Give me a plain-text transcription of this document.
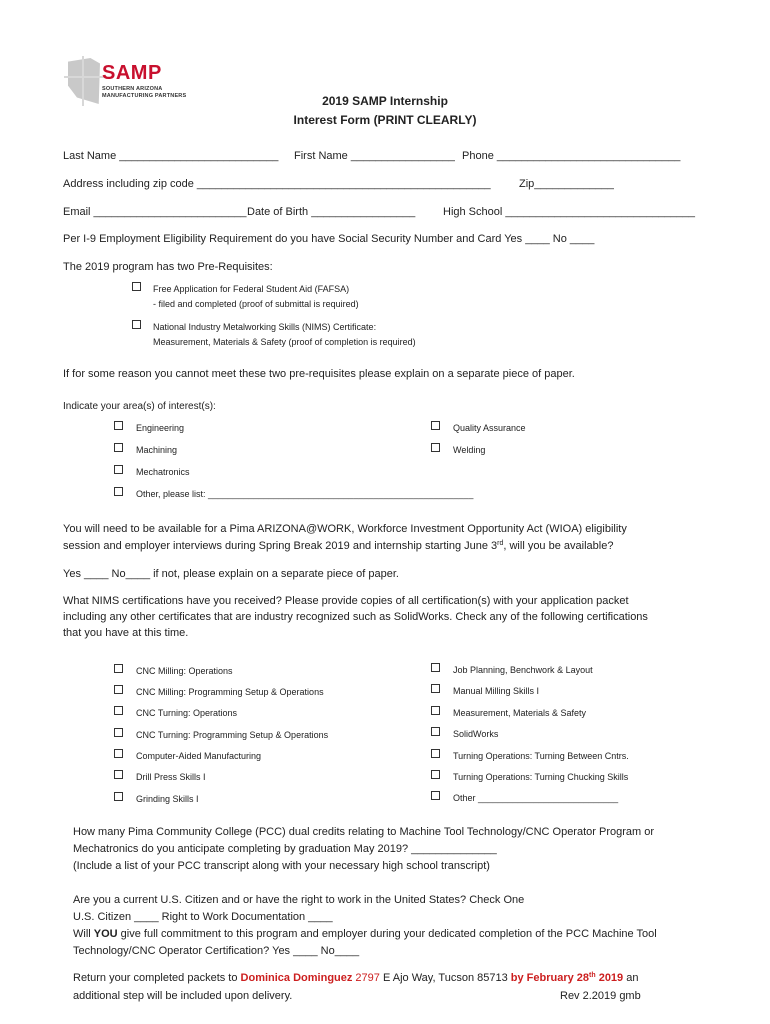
SAMP
SOUTHERN ARIZONA
MANUFACTURING PARTNERS	2019 SAMP Internship
Interest Form (PRINT CLEARLY)
Last Name __________________________ First Name _________________ Phone ______________________________
Address including zip code ________________________________________________	Zip_____________
Email _________________________ Date of Birth _________________	High School _______________________________
Per I-9 Employment Eligibility Requirement do you have Social Security Number and Card Yes ____ No ____
The 2019 program has two Pre-Requisites:
Free Application for Federal Student Aid (FAFSA)
- filed and completed (proof of submittal is required)
National Industry Metalworking Skills (NIMS) Certificate:
Measurement, Materials & Safety (proof of completion is required)
If for some reason you cannot meet these two pre-requisites please explain on a separate piece of paper.
Indicate your area(s) of interest(s):
Engineering	Quality Assurance
Machining	Welding
Mechatronics
Other, please list: _____________________________________________________
You will need to be available for a Pima ARIZONA@WORK, Workforce Investment Opportunity Act (WIOA) eligibility
session and employer interviews during Spring Break 2019 and internship starting June 3rd, will you be available?
Yes ____ No____ if not, please explain on a separate piece of paper.
What NIMS certifications have you received? Please provide copies of all certification(s) with your application packet
including any other certificates that are industry recognized such as SolidWorks. Check any of the following certifications
that you have at this time.
CNC Milling: Operations
CNC Milling: Programming Setup & Operations
CNC Turning: Operations
CNC Turning: Programming Setup & Operations
Computer-Aided Manufacturing
Drill Press Skills I
Grinding Skills I
Job Planning, Benchwork & Layout
Manual Milling Skills I
Measurement, Materials & Safety
SolidWorks
Turning Operations: Turning Between Cntrs.
Turning Operations: Turning Chucking Skills
Other ____________________________
How many Pima Community College (PCC) dual credits relating to Machine Tool Technology/CNC Operator Program or
Mechatronics do you anticipate completing by graduation May 2019? ______________
(Include a list of your PCC transcript along with your necessary high school transcript)
Are you a current U.S. Citizen and or have the right to work in the United States? Check One
U.S. Citizen ____ Right to Work Documentation ____
Will YOU give full commitment to this program and employer during your dedicated completion of the PCC Machine Tool
Technology/CNC Operator Certification? Yes ____ No____
Return your completed packets to Dominica Dominguez 2797 E Ajo Way, Tucson 85713 by February 28th 2019 an
additional step will be included upon delivery.	Rev 2.2019 gmb
